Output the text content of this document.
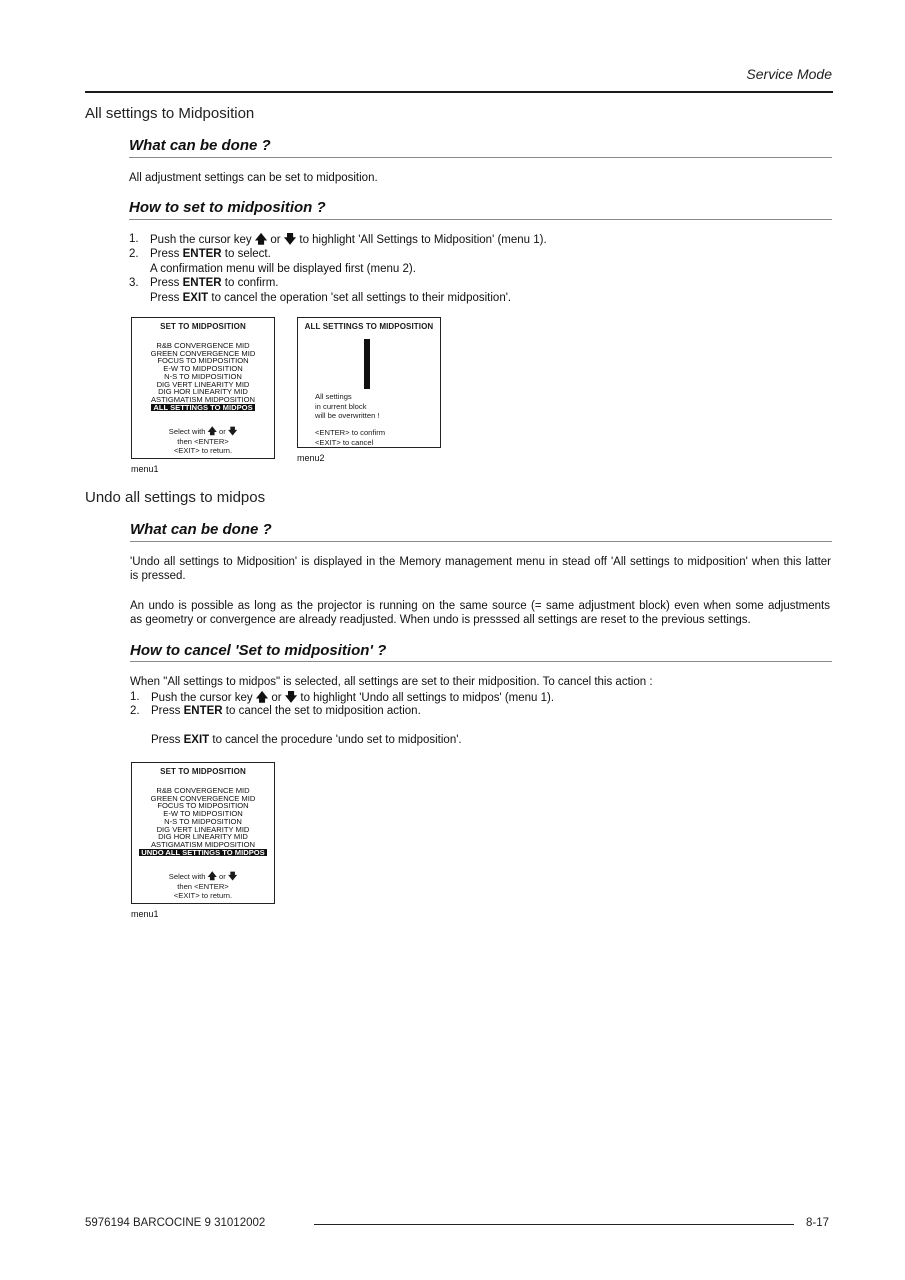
Service Mode
All settings to Midposition
What can be done ?
All adjustment settings can be set to midposition.
How to set to midposition ?
1. Push the cursor key 🡅 or 🡇 to highlight 'All Settings to Midposition' (menu 1).
2. Press ENTER to select.
A confirmation menu will be displayed first (menu 2).
3. Press ENTER to confirm.
Press EXIT to cancel the operation 'set all settings to their midposition'.
SET TO MIDPOSITION
R&B CONVERGENCE MID
GREEN CONVERGENCE MID
FOCUS TO MIDPOSITION
E-W TO MIDPOSITION
N-S TO MIDPOSITION
DIG VERT LINEARITY MID
DIG HOR LINEARITY MID
ASTIGMATISM MIDPOSITION
ALL SETTINGS TO MIDPOS
Select with 🡅 or 🡇
then <ENTER>
<EXIT> to return.
menu1
ALL SETTINGS TO MIDPOSITION
All settings
in current block
will be overwritten !
<ENTER> to confirm
<EXIT> to cancel
menu2
Undo all settings to midpos
What can be done ?
'Undo all settings to Midposition' is displayed in the Memory management menu in stead off 'All settings to midposition' when this latter
is pressed.
An undo is possible as long as the projector is running on the same source (= same adjustment block) even when some adjustments
as geometry or convergence are already readjusted. When undo is presssed all settings are reset to the previous settings.
How to cancel 'Set to midposition' ?
When "All settings to midpos" is selected, all settings are set to their midposition. To cancel this action :
1. Push the cursor key 🡅 or 🡇 to highlight 'Undo all settings to midpos' (menu 1).
2. Press ENTER to cancel the set to midposition action.
Press EXIT to cancel the procedure 'undo set to midposition'.
SET TO MIDPOSITION
R&B CONVERGENCE MID
GREEN CONVERGENCE MID
FOCUS TO MIDPOSITION
E-W TO MIDPOSITION
N-S TO MIDPOSITION
DIG VERT LINEARITY MID
DIG HOR LINEARITY MID
ASTIGMATISM MIDPOSITION
UNDO ALL SETTINGS TO MIDPOS
Select with 🡅 or 🡇
then <ENTER>
<EXIT> to return.
menu1
5976194 BARCOCINE 9 31012002	8-17
